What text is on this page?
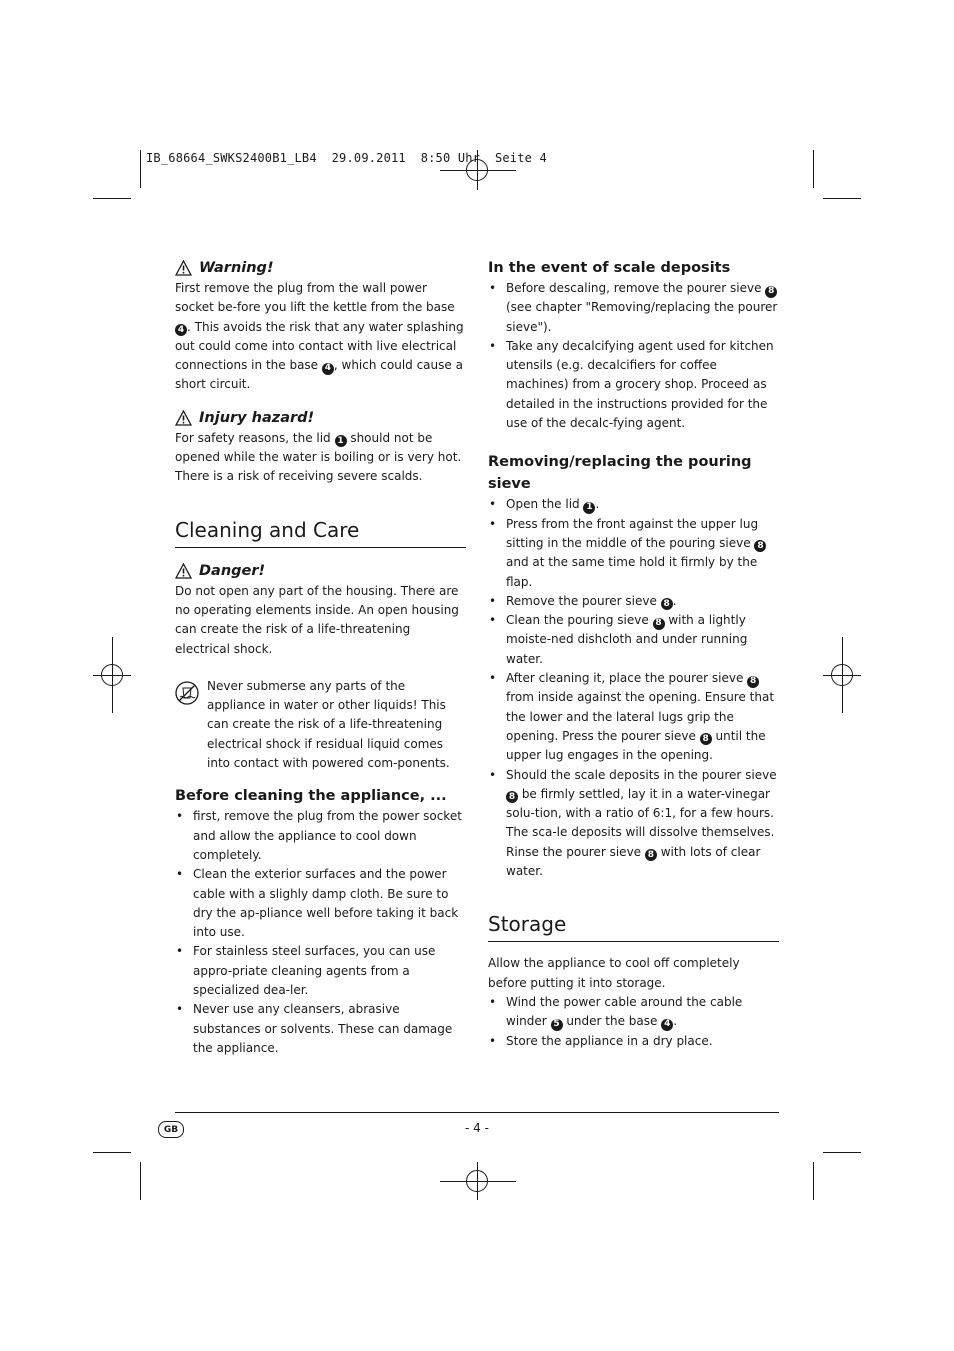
IB_68664_SWKS2400B1_LB4  29.09.2011  8:50 Uhr  Seite 4
Warning!

First remove the plug from the wall power socket be-fore you lift the kettle from the base 4 . This avoids the risk that any water splashing out could come into contact with live electrical connections in the base 4 , which could cause a short circuit.

Injury hazard!

For safety reasons, the lid 1 should not be opened while the water is boiling or is very hot. There is a risk of receiving severe scalds.

Cleaning and Care
Danger!

Do not open any part of the housing. There are no operating elements inside. An open housing can create the risk of a life-threatening electrical shock.

Never submerse any parts of the appliance in water or other liquids! This can create the risk of a life-threatening electrical shock if residual liquid comes into contact with powered com-ponents.

Before cleaning the appliance, ...
• first, remove the plug from the power socket and allow the appliance to cool down completely.
• Clean the exterior surfaces and the power cable with a slighly damp cloth. Be sure to dry the ap-pliance well before taking it back into use.
• For stainless steel surfaces, you can use appro-priate cleaning agents from a specialized dea-ler.
• Never use any cleansers, abrasive substances or solvents. These can damage the appliance.
In the event of scale deposits
• Before descaling, remove the pourer sieve 8 (see chapter "Removing/replacing the pourer sieve").
• Take any decalcifying agent used for kitchen utensils (e.g. decalcifiers for coffee machines) from a grocery shop. Proceed as detailed in the instructions provided for the use of the decalc-fying agent.
Removing/replacing the pouring sieve
• Open the lid 1 .
• Press from the front against the upper lug sitting in the middle of the pouring sieve 8 and at the same time hold it firmly by the flap.
• Remove the pourer sieve 8 .
• Clean the pouring sieve 8 with a lightly moiste-ned dishcloth and under running water.
• After cleaning it, place the pourer sieve 8 from inside against the opening. Ensure that the lower and the lateral lugs grip the opening. Press the pourer sieve 8 until the upper lug engages in the opening.
• Should the scale deposits in the pourer sieve 8 be firmly settled, lay it in a water-vinegar solu-tion, with a ratio of 6:1, for a few hours. The sca-le deposits will dissolve themselves. Rinse the pourer sieve 8 with lots of clear water.
Storage

Allow the appliance to cool off completely before putting it into storage.

• Wind the power cable around the cable winder 5 under the base 4 .
• Store the appliance in a dry place.
GB	- 4 -
